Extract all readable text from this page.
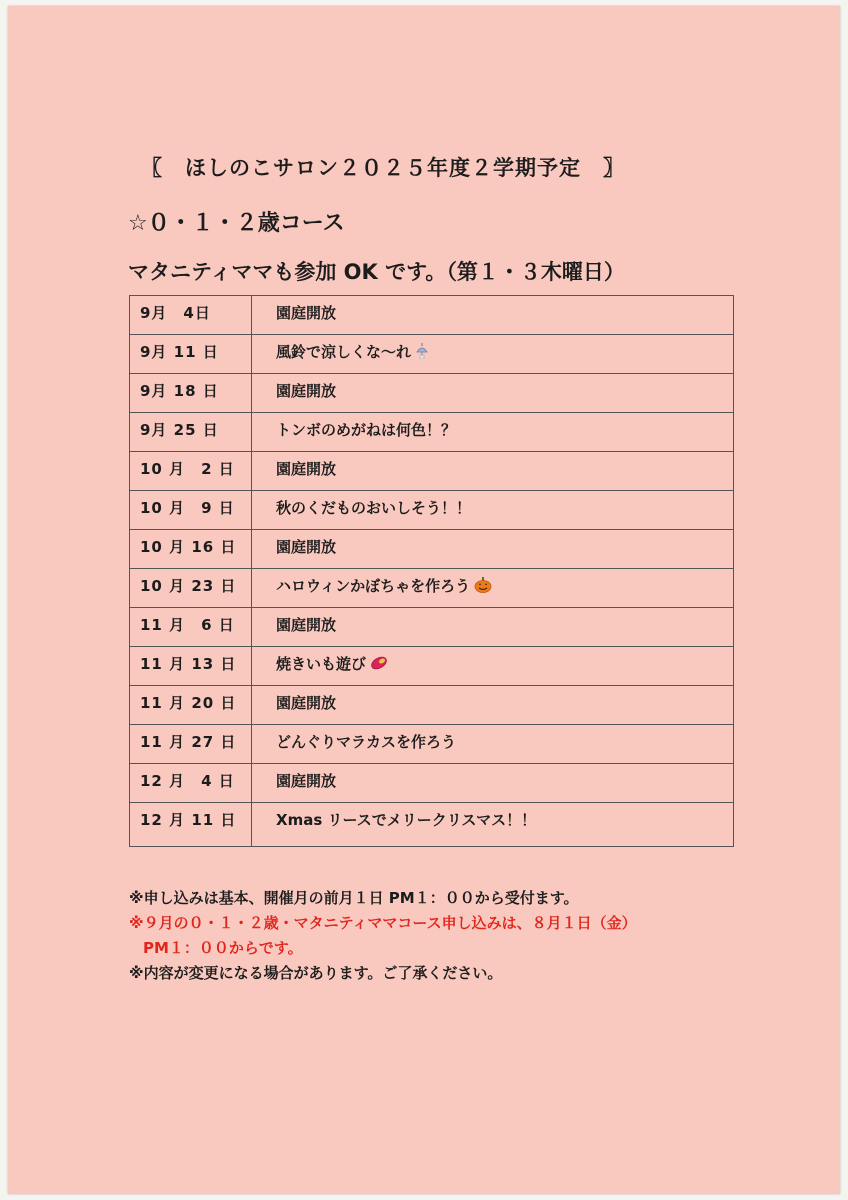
〖　ほしのこサロン２０２５年度２学期予定　〗
☆０・１・２歳コース
マタニティママも参加 OK です。（第１・３木曜日）
9月　4日	園庭開放
9月 11 日	風鈴で涼しくな～れ
9月 18 日	園庭開放
9月 25 日	トンボのめがねは何色！？
10 月　2 日	園庭開放
10 月　9 日	秋のくだものおいしそう！！
10 月 16 日	園庭開放
10 月 23 日	ハロウィンかぼちゃを作ろう
11 月　6 日	園庭開放
11 月 13 日	焼きいも遊び
11 月 20 日	園庭開放
11 月 27 日	どんぐりマラカスを作ろう
12 月　4 日	園庭開放
12 月 11 日	Xmas リースでメリークリスマス！！
※申し込みは基本、開催月の前月１日 PM１：００から受付ます。
※９月の０・１・２歳・マタニティママコース申し込みは、８月１日（金）
PM１：００からです。
※内容が変更になる場合があります。ご了承ください。
